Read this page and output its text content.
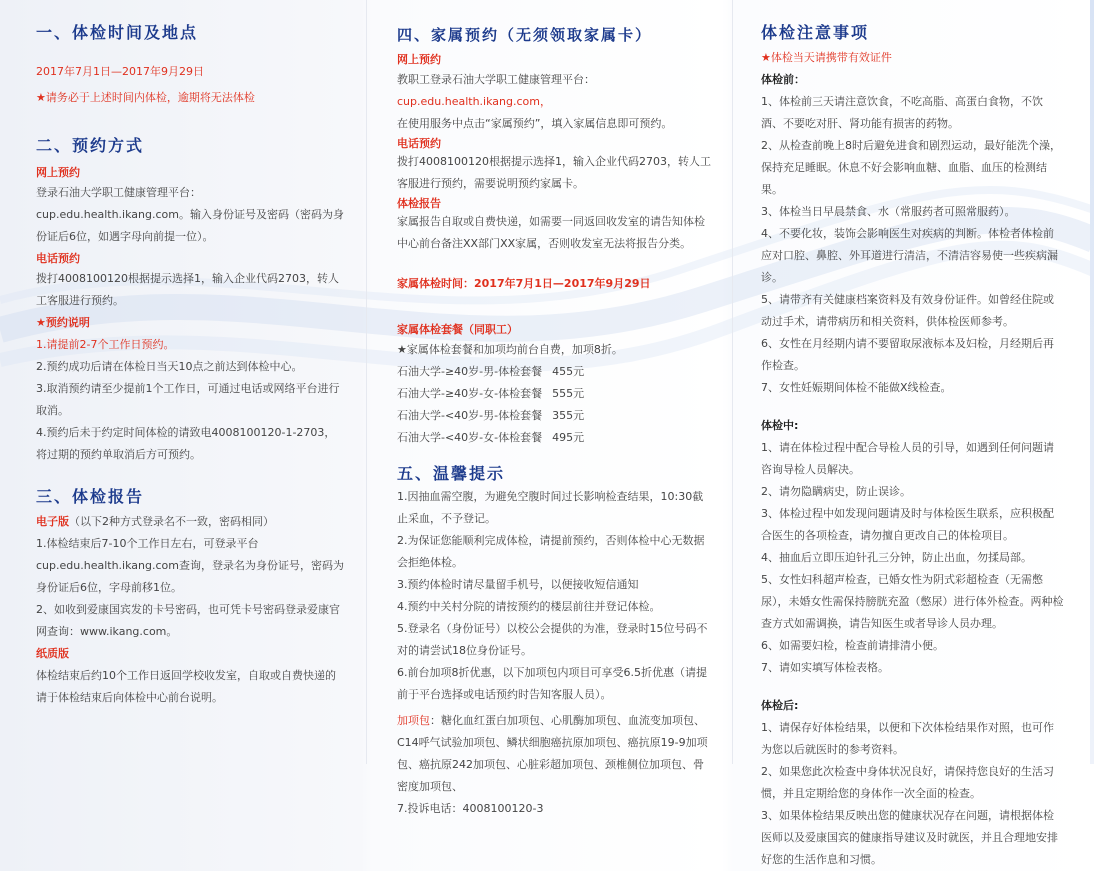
一、体检时间及地点
2017年7月1日—2017年9月29日
★请务必于上述时间内体检，逾期将无法体检
二、预约方式
网上预约
登录石油大学职工健康管理平台：cup.edu.health.ikang.com。输入身份证号及密码（密码为身份证后6位，如遇字母向前提一位）。
电话预约
拨打4008100120根据提示选择1，输入企业代码2703，转人工客服进行预约。
★预约说明
1.请提前2-7个工作日预约。
2.预约成功后请在体检日当天10点之前达到体检中心。
3.取消预约请至少提前1个工作日，可通过电话或网络平台进行取消。
4.预约后未于约定时间体检的请致电4008100120-1-2703，将过期的预约单取消后方可预约。
三、体检报告
电子版（以下2种方式登录名不一致，密码相同）
1.体检结束后7-10个工作日左右，可登录平台cup.edu.health.ikang.com查询，登录名为身份证号，密码为身份证后6位，字母前移1位。
2、如收到爱康国宾发的卡号密码，也可凭卡号密码登录爱康官网查询：www.ikang.com。
纸质版
体检结束后约10个工作日返回学校收发室，自取或自费快递的请于体检结束后向体检中心前台说明。
四、家属预约（无须领取家属卡）
网上预约
教职工登录石油大学职工健康管理平台：cup.edu.health.ikang.com，
在使用服务中点击“家属预约”，填入家属信息即可预约。
电话预约
拨打4008100120根据提示选择1，输入企业代码2703，转人工客服进行预约，需要说明预约家属卡。
体检报告
家属报告自取或自费快递，如需要一同返回收发室的请告知体检中心前台备注XX部门XX家属，否则收发室无法将报告分类。
家属体检时间：2017年7月1日—2017年9月29日
家属体检套餐（同职工）
★家属体检套餐和加项均前台自费，加项8折。
石油大学-≥40岁-男-体检套餐 455元
石油大学-≥40岁-女-体检套餐 555元
石油大学-<40岁-男-体检套餐 355元
石油大学-<40岁-女-体检套餐 495元
五、温馨提示
1.因抽血需空腹，为避免空腹时间过长影响检查结果，10:30截止采血，不予登记。
2.为保证您能顺利完成体检，请提前预约，否则体检中心无数据会拒绝体检。
3.预约体检时请尽量留手机号，以便接收短信通知
4.预约中关村分院的请按预约的楼层前往并登记体检。
5.登录名（身份证号）以校公会提供的为准，登录时15位号码不对的请尝试18位身份证号。
6.前台加项8折优惠，以下加项包内项目可享受6.5折优惠（请提前于平台选择或电话预约时告知客服人员）。
加项包：糖化血红蛋白加项包、心肌酶加项包、血流变加项包、C14呼气试验加项包、鳞状细胞癌抗原加项包、癌抗原19-9加项包、癌抗原242加项包、心脏彩超加项包、颈椎侧位加项包、骨密度加项包、
7.投诉电话：4008100120-3
体检注意事项
★体检当天请携带有效证件
体检前：
1、体检前三天请注意饮食，不吃高脂、高蛋白食物，不饮酒、不要吃对肝、肾功能有损害的药物。
2、从检查前晚上8时后避免进食和剧烈运动，最好能洗个澡，保持充足睡眠。休息不好会影响血糖、血脂、血压的检测结果。
3、体检当日早晨禁食、水（常服药者可照常服药）。
4、不要化妆，装饰会影响医生对疾病的判断。体检者体检前应对口腔、鼻腔、外耳道进行清洁，不清洁容易使一些疾病漏诊。
5、请带齐有关健康档案资料及有效身份证件。如曾经住院或动过手术，请带病历和相关资料，供体检医师参考。
6、女性在月经期内请不要留取尿液标本及妇检，月经期后再作检查。
7、女性妊娠期间体检不能做X线检查。
体检中:
1、请在体检过程中配合导检人员的引导，如遇到任何问题请咨询导检人员解决。
2、请勿隐瞒病史，防止误诊。
3、体检过程中如发现问题请及时与体检医生联系，应积极配合医生的各项检查，请勿擅自更改自己的体检项目。
4、抽血后立即压迫针孔三分钟，防止出血，勿揉局部。
5、女性妇科超声检查，已婚女性为阴式彩超检查（无需憋尿），未婚女性需保持膀胱充盈（憋尿）进行体外检查。两种检查方式如需调换，请告知医生或者导诊人员办理。
6、如需要妇检，检查前请排清小便。
7、请如实填写体检表格。
体检后:
1、请保存好体检结果，以便和下次体检结果作对照，也可作为您以后就医时的参考资料。
2、如果您此次检查中身体状况良好，请保持您良好的生活习惯，并且定期给您的身体作一次全面的检查。
3、如果体检结果反映出您的健康状况存在问题，请根据体检医师以及爱康国宾的健康指导建议及时就医，并且合理地安排好您的生活作息和习惯。
